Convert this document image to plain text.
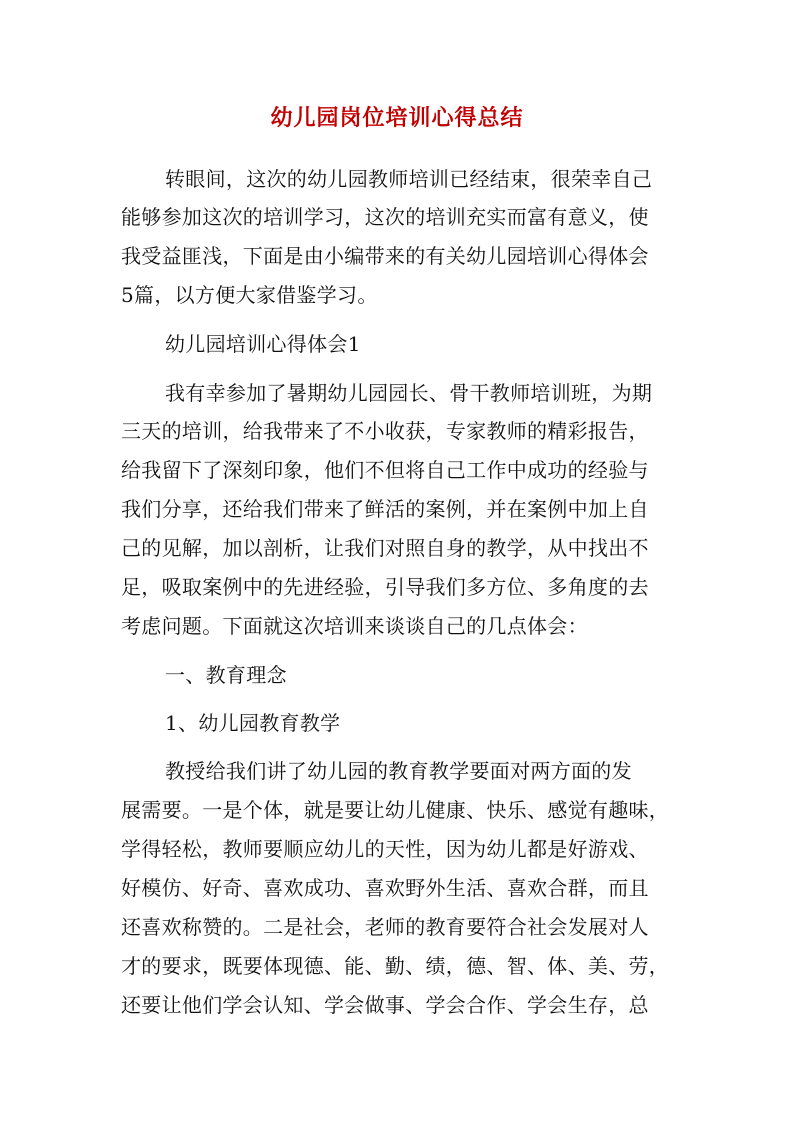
幼儿园岗位培训心得总结
转眼间，这次的幼儿园教师培训已经结束，很荣幸自己
能够参加这次的培训学习，这次的培训充实而富有意义，使
我受益匪浅，下面是由小编带来的有关幼儿园培训心得体会
5篇，以方便大家借鉴学习。
幼儿园培训心得体会1
我有幸参加了暑期幼儿园园长、骨干教师培训班，为期
三天的培训，给我带来了不小收获，专家教师的精彩报告，
给我留下了深刻印象，他们不但将自己工作中成功的经验与
我们分享，还给我们带来了鲜活的案例，并在案例中加上自
己的见解，加以剖析，让我们对照自身的教学，从中找出不
足，吸取案例中的先进经验，引导我们多方位、多角度的去
考虑问题。下面就这次培训来谈谈自己的几点体会：
一、教育理念
1、幼儿园教育教学
教授给我们讲了幼儿园的教育教学要面对两方面的发
展需要。一是个体，就是要让幼儿健康、快乐、感觉有趣味，
学得轻松，教师要顺应幼儿的天性，因为幼儿都是好游戏、
好模仿、好奇、喜欢成功、喜欢野外生活、喜欢合群，而且
还喜欢称赞的。二是社会，老师的教育要符合社会发展对人
才的要求，既要体现德、能、勤、绩，德、智、体、美、劳，
还要让他们学会认知、学会做事、学会合作、学会生存，总
